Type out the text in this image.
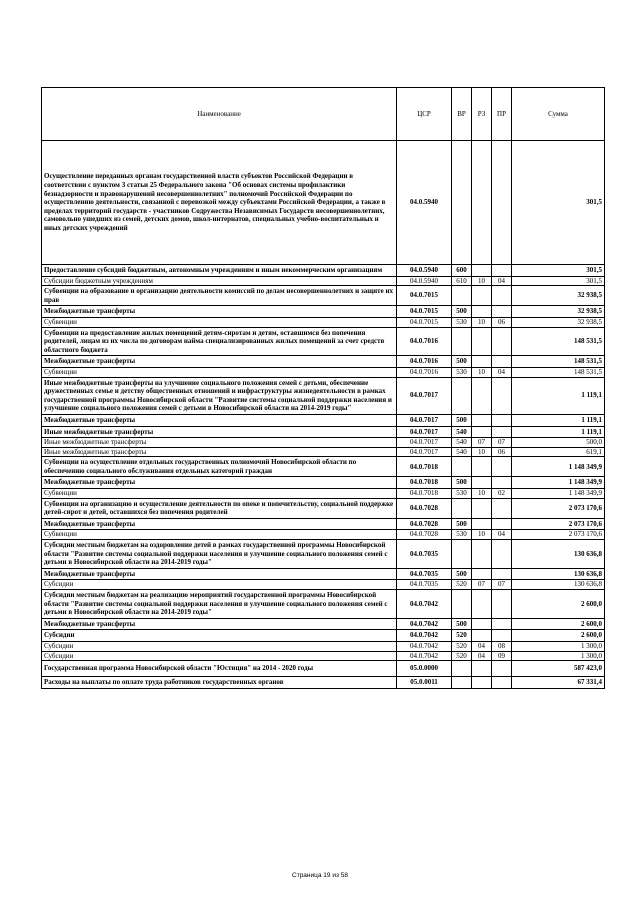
Наименование	ЦСР	ВР	РЗ	ПР	Сумма
Осуществление переданных органам государственной власти субъектов Российской Федерации в соответствии с пунктом 3 статьи 25 Федерального закона "Об основах системы профилактики безнадзорности и правонарушений несовершеннолетних" полномочий Российской Федерации по осуществлению деятельности, связанной с перевозкой между субъектами Российской Федерации, а также в пределах территорий государств - участников Содружества Независимых Государств несовершеннолетних, самовольно ушедших из семей, детских домов, школ-интернатов, специальных учебно-воспитательных и иных детских учреждений	04.0.5940				301,5
Предоставление субсидий бюджетным, автономным учреждениям и иным некоммерческим организациям	04.0.5940	600			301,5
Субсидии бюджетным учреждениям	04.0.5940	610	10	04	301,5
Субвенции на образование и организацию деятельности комиссий по делам несовершеннолетних и защите их прав	04.0.7015				32 938,5
Межбюджетные трансферты	04.0.7015	500			32 938,5
Субвенции	04.0.7015	530	10	06	32 938,5
Субвенции на предоставление жилых помещений детям-сиротам и детям, оставшимся без попечения родителей, лицам из их числа по договорам найма специализированных жилых помещений за счет средств областного бюджета	04.0.7016				148 531,5
Межбюджетные трансферты	04.0.7016	500			148 531,5
Субвенции	04.0.7016	530	10	04	148 531,5
Иные межбюджетные трансферты на улучшение социального положения семей с детьми, обеспечение дружественных семье и детству общественных отношений и инфраструктуры жизнедеятельности в рамках государственной программы Новосибирской области "Развитие системы социальной поддержки населения и улучшение социального положения семей с детьми в Новосибирской области на 2014-2019 годы"	04.0.7017				1 119,1
Межбюджетные трансферты	04.0.7017	500			1 119,1
Иные межбюджетные трансферты	04.0.7017	540			1 119,1
Иные межбюджетные трансферты	04.0.7017	540	07	07	500,0
Иные межбюджетные трансферты	04.0.7017	540	10	06	619,1
Субвенции на осуществление отдельных государственных полномочий Новосибирской области по обеспечению социального обслуживания отдельных категорий граждан	04.0.7018				1 148 349,9
Межбюджетные трансферты	04.0.7018	500			1 148 349,9
Субвенции	04.0.7018	530	10	02	1 148 349,9
Субвенции на организацию и осуществление деятельности по опеке и попечительству, социальной поддержке детей-сирот и детей, оставшихся без попечения родителей	04.0.7028				2 073 170,6
Межбюджетные трансферты	04.0.7028	500			2 073 170,6
Субвенции	04.0.7028	530	10	04	2 073 170,6
Субсидии местным бюджетам на оздоровление детей в рамках государственной программы Новосибирской области "Развитие системы социальной поддержки населения и улучшение социального положения семей с детьми в Новосибирской области на 2014-2019 годы"	04.0.7035				130 636,8
Межбюджетные трансферты	04.0.7035	500			130 636,8
Субсидии	04.0.7035	520	07	07	130 636,8
Субсидии местным бюджетам на реализацию мероприятий государственной программы Новосибирской области "Развитие системы социальной поддержки населения и улучшение социального положения семей с детьми в Новосибирской области на 2014-2019 годы"	04.0.7042				2 600,0
Межбюджетные трансферты	04.0.7042	500			2 600,0
Субсидии	04.0.7042	520			2 600,0
Субсидии	04.0.7042	520	04	08	1 300,0
Субсидии	04.0.7042	520	04	09	1 300,0
Государственная программа Новосибирской области "Юстиция" на 2014 - 2020 годы	05.0.0000				587 423,0
Расходы на выплаты по оплате труда работников государственных органов	05.0.0011				67 331,4
Страница 19 из 58
